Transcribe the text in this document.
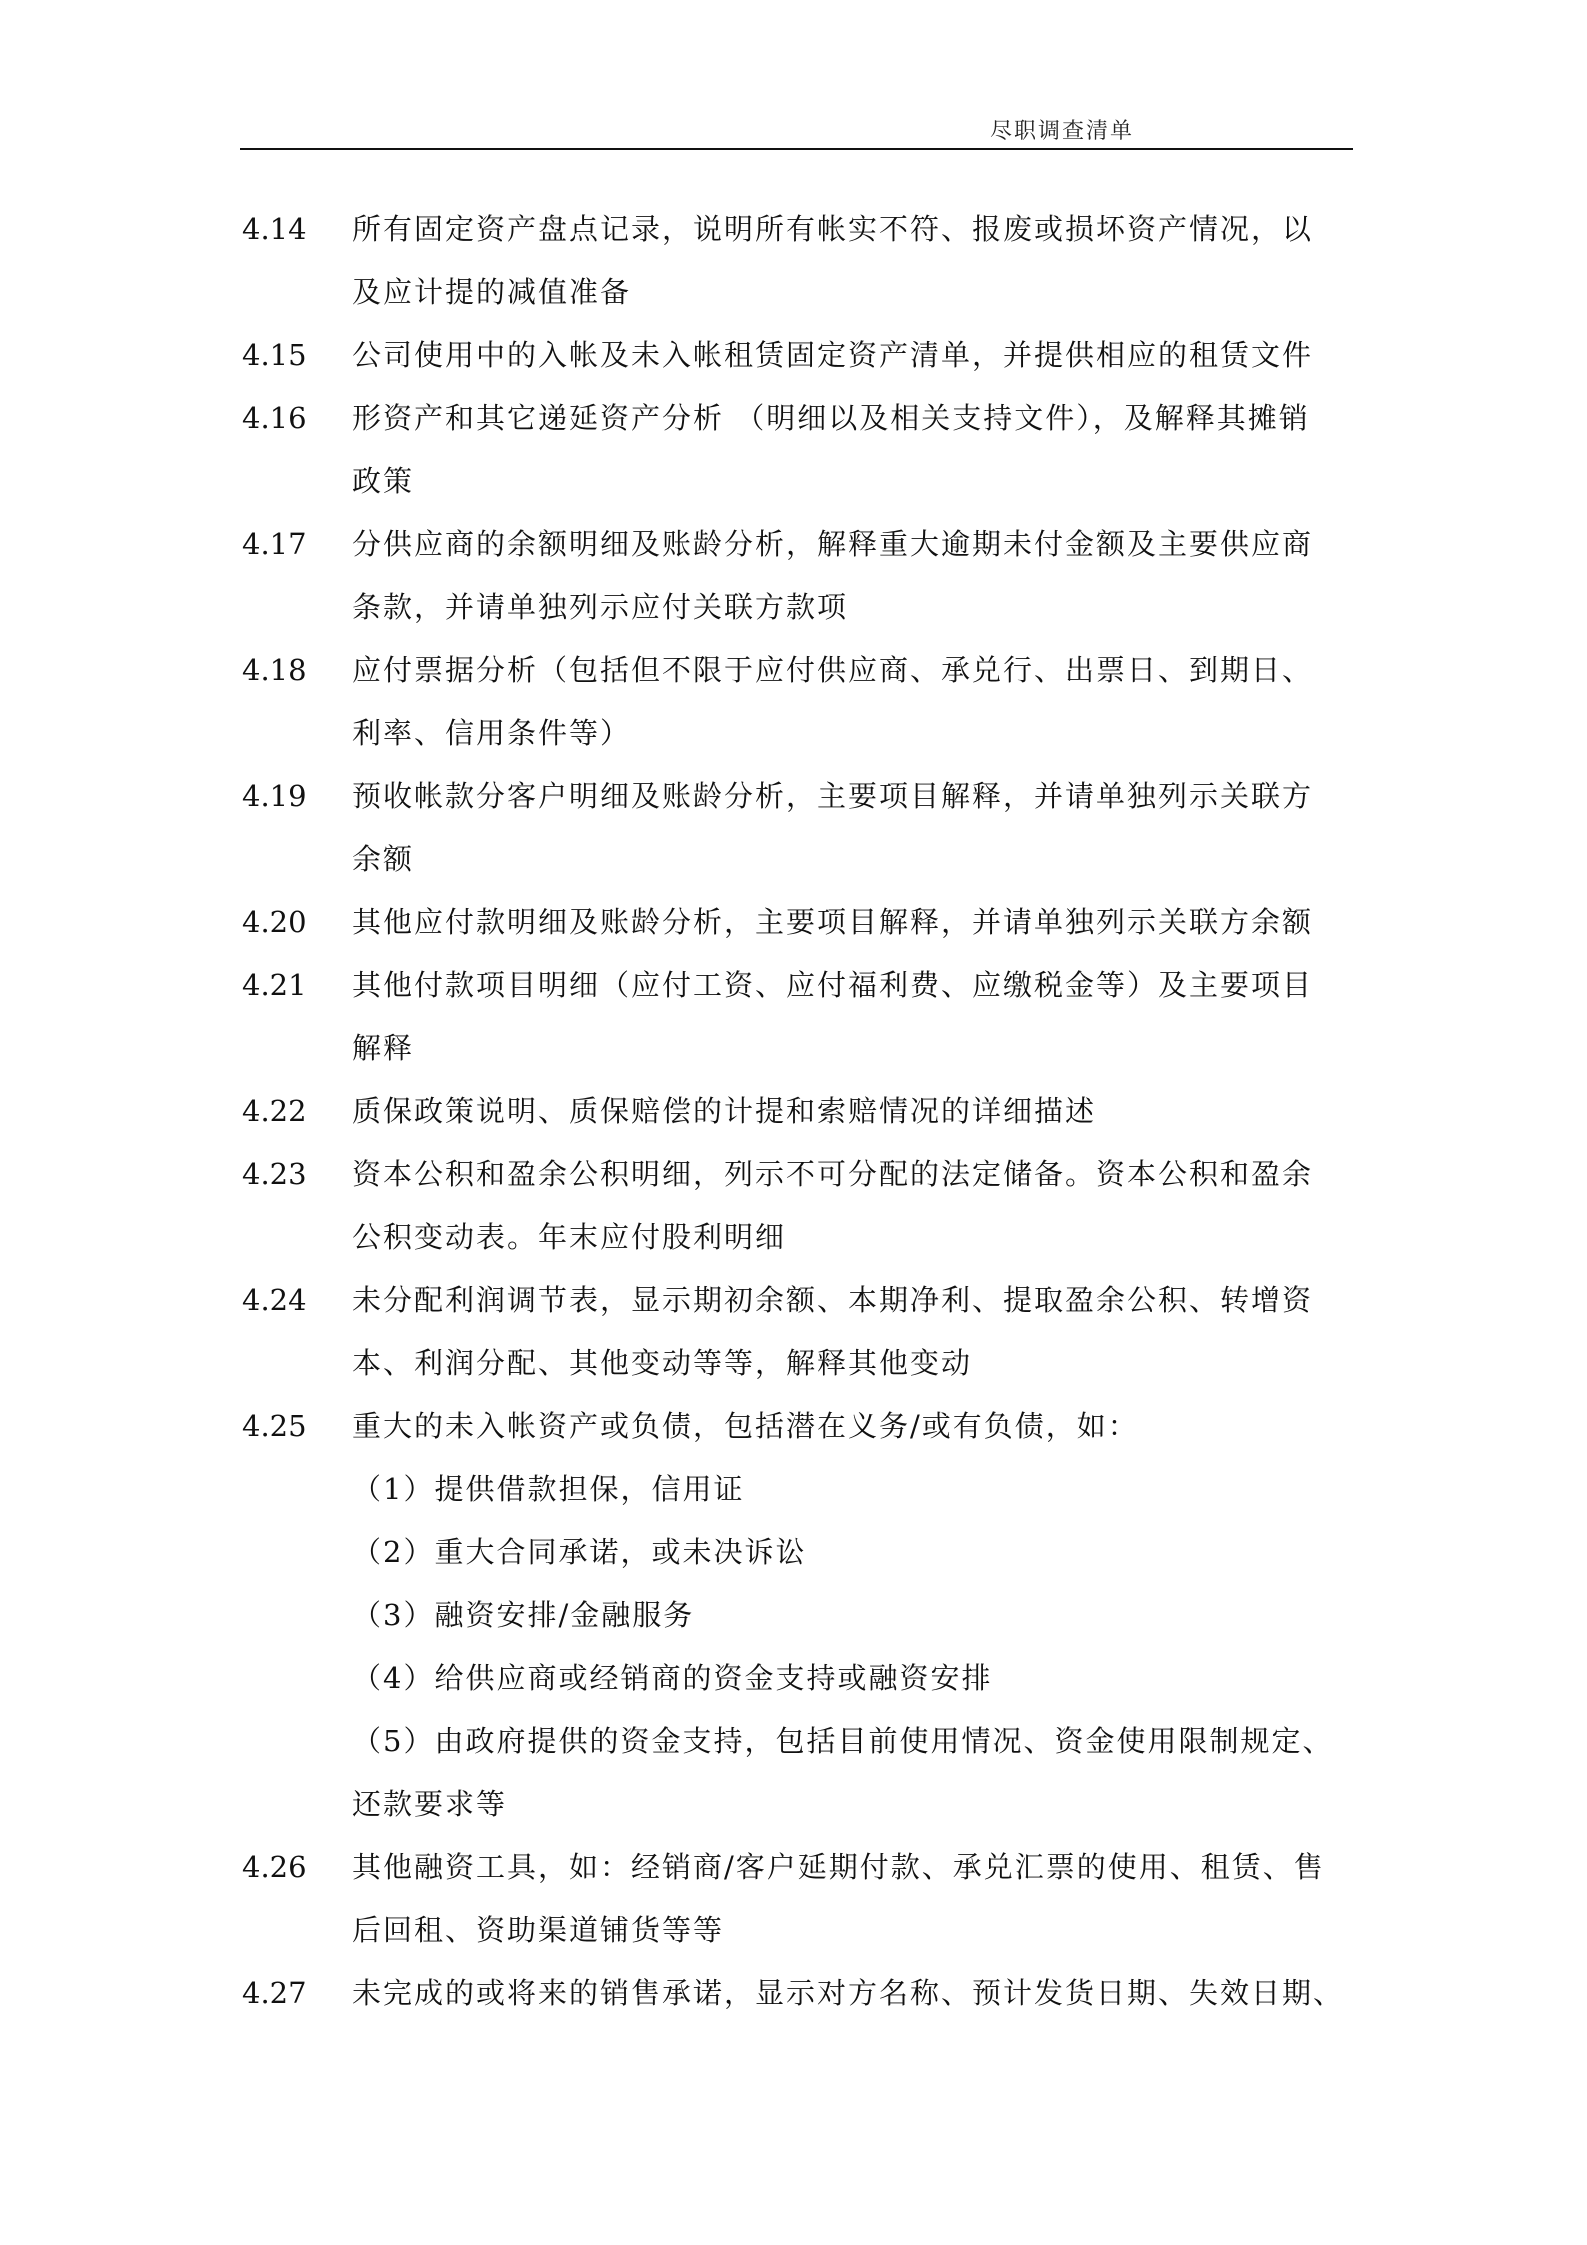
尽职调查清单
4.14	所有固定资产盘点记录，说明所有帐实不符、报废或损坏资产情况，以
及应计提的减值准备
4.15	公司使用中的入帐及未入帐租赁固定资产清单，并提供相应的租赁文件
4.16	形资产和其它递延资产分析 （明细以及相关支持文件），及解释其摊销
政策
4.17	分供应商的余额明细及账龄分析，解释重大逾期未付金额及主要供应商
条款，并请单独列示应付关联方款项
4.18	应付票据分析（包括但不限于应付供应商、承兑行、出票日、到期日、
利率、信用条件等）
4.19	预收帐款分客户明细及账龄分析，主要项目解释，并请单独列示关联方
余额
4.20	其他应付款明细及账龄分析，主要项目解释，并请单独列示关联方余额
4.21	其他付款项目明细（应付工资、应付福利费、应缴税金等）及主要项目
解释
4.22	质保政策说明、质保赔偿的计提和索赔情况的详细描述
4.23	资本公积和盈余公积明细，列示不可分配的法定储备。资本公积和盈余
公积变动表。年末应付股利明细
4.24	未分配利润调节表，显示期初余额、本期净利、提取盈余公积、转增资
本、利润分配、其他变动等等，解释其他变动
4.25	重大的未入帐资产或负债，包括潜在义务/或有负债，如：
（1）提供借款担保，信用证
（2）重大合同承诺，或未决诉讼
（3）融资安排/金融服务
（4）给供应商或经销商的资金支持或融资安排
（5）由政府提供的资金支持，包括目前使用情况、资金使用限制规定、
还款要求等
4.26	其他融资工具，如：经销商/客户延期付款、承兑汇票的使用、租赁、售
后回租、资助渠道铺货等等
4.27	未完成的或将来的销售承诺，显示对方名称、预计发货日期、失效日期、
